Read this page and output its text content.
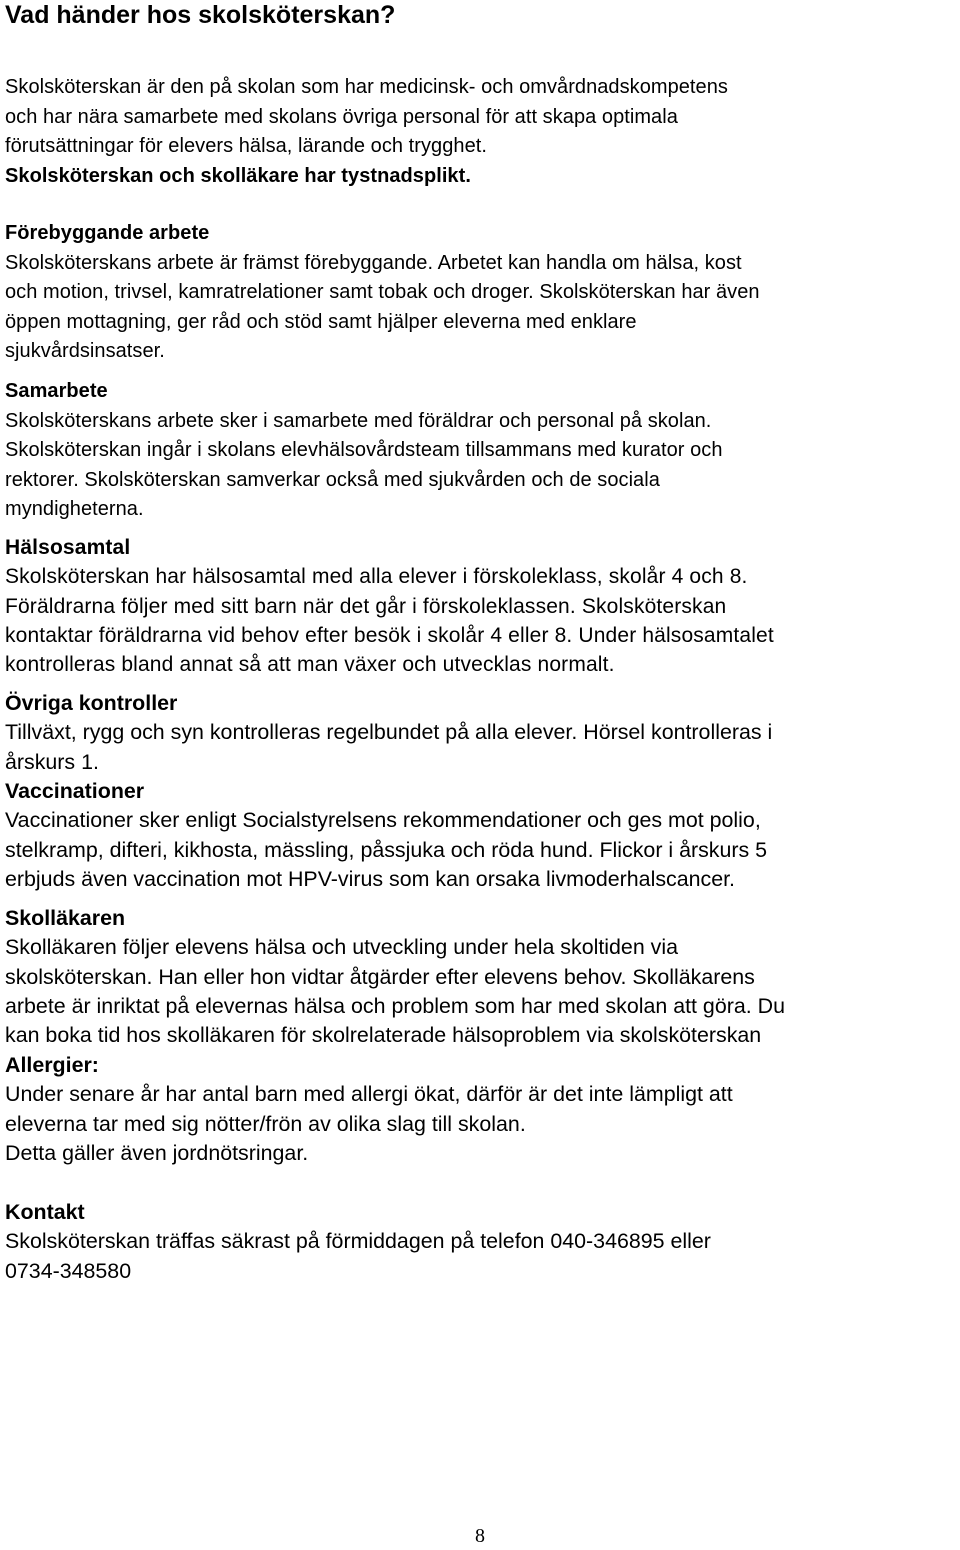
Vad händer hos skolsköterskan?
Skolsköterskan är den på skolan som har medicinsk- och omvårdnadskompetens
och har nära samarbete med skolans övriga personal för att skapa optimala
förutsättningar för elevers hälsa, lärande och trygghet.
Skolsköterskan och skolläkare har tystnadsplikt.
Förebyggande arbete
Skolsköterskans arbete är främst förebyggande. Arbetet kan handla om hälsa, kost
och motion, trivsel, kamratrelationer samt tobak och droger. Skolsköterskan har även
öppen mottagning, ger råd och stöd samt hjälper eleverna med enklare
sjukvårdsinsatser.
Samarbete
Skolsköterskans arbete sker i samarbete med föräldrar och personal på skolan.
Skolsköterskan ingår i skolans elevhälsovårdsteam tillsammans med kurator och
rektorer. Skolsköterskan samverkar också med sjukvården och de sociala
myndigheterna.
Hälsosamtal
Skolsköterskan har hälsosamtal med alla elever i förskoleklass, skolår 4 och 8.
Föräldrarna följer med sitt barn när det går i förskoleklassen. Skolsköterskan
kontaktar föräldrarna vid behov efter besök i skolår 4 eller 8. Under hälsosamtalet
kontrolleras bland annat så att man växer och utvecklas normalt.
Övriga kontroller
Tillväxt, rygg och syn kontrolleras regelbundet på alla elever. Hörsel kontrolleras i
årskurs 1.
Vaccinationer
Vaccinationer sker enligt Socialstyrelsens rekommendationer och ges mot polio,
stelkramp, difteri, kikhosta, mässling, påssjuka och röda hund. Flickor i årskurs 5
erbjuds även vaccination mot HPV-virus som kan orsaka livmoderhalscancer.
Skolläkaren
Skolläkaren följer elevens hälsa och utveckling under hela skoltiden via
skolsköterskan. Han eller hon vidtar åtgärder efter elevens behov. Skolläkarens
arbete är inriktat på elevernas hälsa och problem som har med skolan att göra. Du
kan boka tid hos skolläkaren för skolrelaterade hälsoproblem via skolsköterskan
Allergier:
Under senare år har antal barn med allergi ökat, därför är det inte lämpligt att
eleverna tar med sig nötter/frön av olika slag till skolan.
Detta gäller även jordnötsringar.
Kontakt
Skolsköterskan träffas säkrast på förmiddagen på telefon 040-346895 eller
0734-348580

8
